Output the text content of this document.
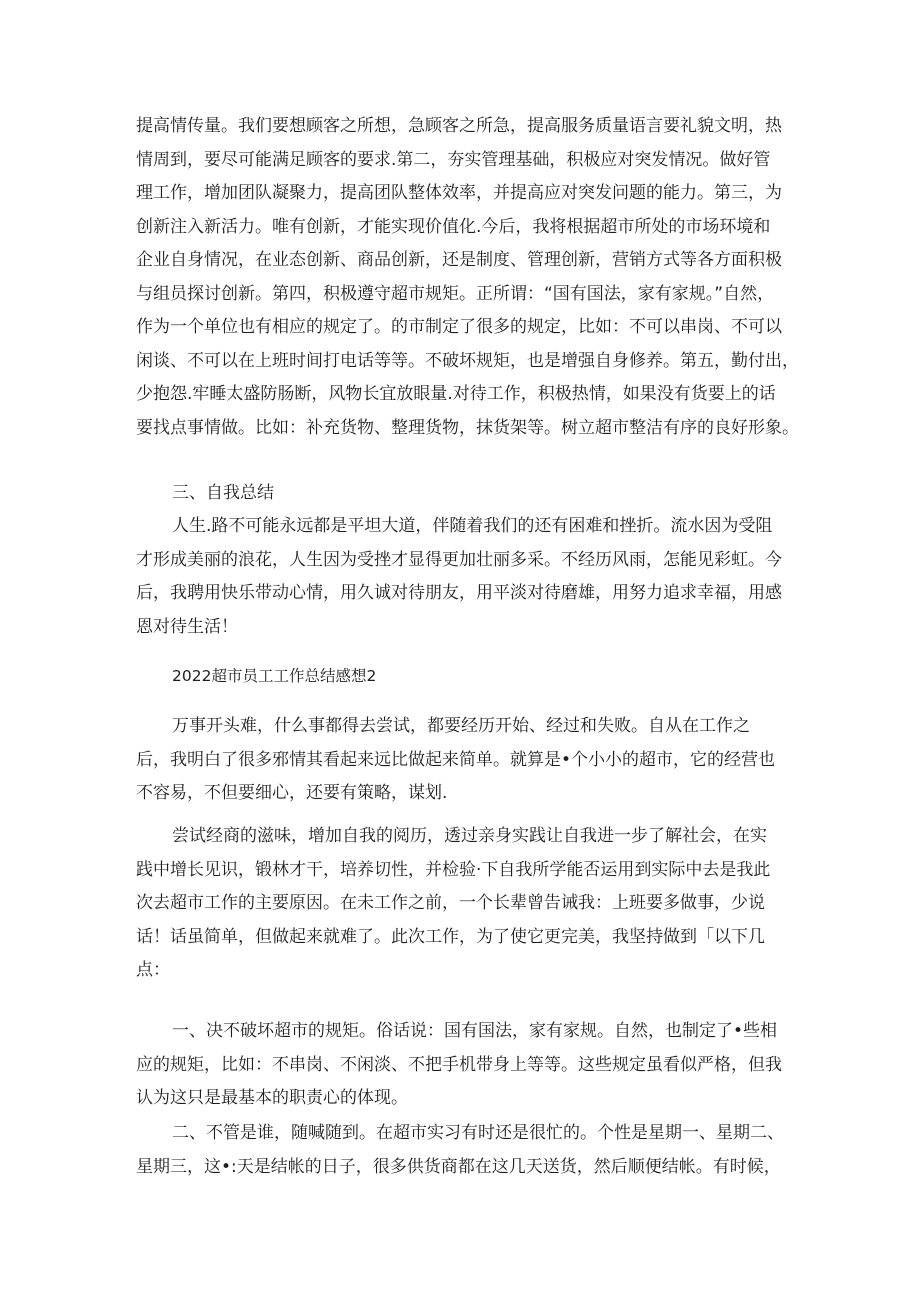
提高情传量。我们要想顾客之所想，急顾客之所急，提高服务质量语言要礼貌文明，热
情周到，要尽可能满足顾客的要求.第二，夯实管理基础，积极应对突发情况。做好管
理工作，增加团队凝聚力，提高团队整体效率，并提高应对突发问题的能力。第三，为
创新注入新活力。唯有创新，才能实现价值化.今后，我将根据超市所处的市场环境和
企业自身情况，在业态创新、商品创新，还是制度、管理创新，营销方式等各方面积极
与组员探讨创新。第四，积极遵守超市规矩。正所谓：“国有国法，家有家规。”自然，
作为一个单位也有相应的规定了。的市制定了很多的规定，比如：不可以串岗、不可以
闲谈、不可以在上班时间打电话等等。不破坏规矩，也是增强自身修养。第五，勤付出，
少抱怨.牢睡太盛防肠断，风物长宜放眼量.对待工作，积极热情，如果没有货要上的话
要找点事情做。比如：补充货物、整理货物，抹货架等。树立超市整洁有序的良好形象。
三、自我总结
人生.路不可能永远都是平坦大道，伴随着我们的还有困难和挫折。流水因为受阻
才形成美丽的浪花，人生因为受挫才显得更加壮丽多采。不经历风雨，怎能见彩虹。今
后，我聘用快乐带动心情，用久诚对待朋友，用平淡对待磨雄，用努力追求幸福，用感
恩对待生活！
2022超市员工工作总结感想2
万事开头难，什么事都得去尝试，都要经历开始、经过和失败。自从在工作之
后，我明白了很多邪情其看起来远比做起来简单。就算是•个小小的超市，它的经营也
不容易，不但要细心，还要有策略，谋划.
尝试经商的滋味，增加自我的阅历，透过亲身实践让自我进一步了解社会，在实
践中增长见识，锻林才干，培养切性，并检验·下自我所学能否运用到实际中去是我此
次去超市工作的主要原因。在未工作之前，一个长辈曾告诫我：上班要多做事，少说
话！话虽简单，但做起来就难了。此次工作，为了使它更完美，我坚持做到「以下几
点：
一、决不破坏超市的规矩。俗话说：国有国法，家有家规。自然，也制定了•些相
应的规矩，比如：不串岗、不闲淡、不把手机带身上等等。这些规定虽看似严格，但我
认为这只是最基本的职责心的体现。
二、不管是谁，随喊随到。在超市实习有时还是很忙的。个性是星期一、星期二、
星期三，这•:天是结帐的日子，很多供货商都在这几天送货，然后顺便结帐。有时候，
